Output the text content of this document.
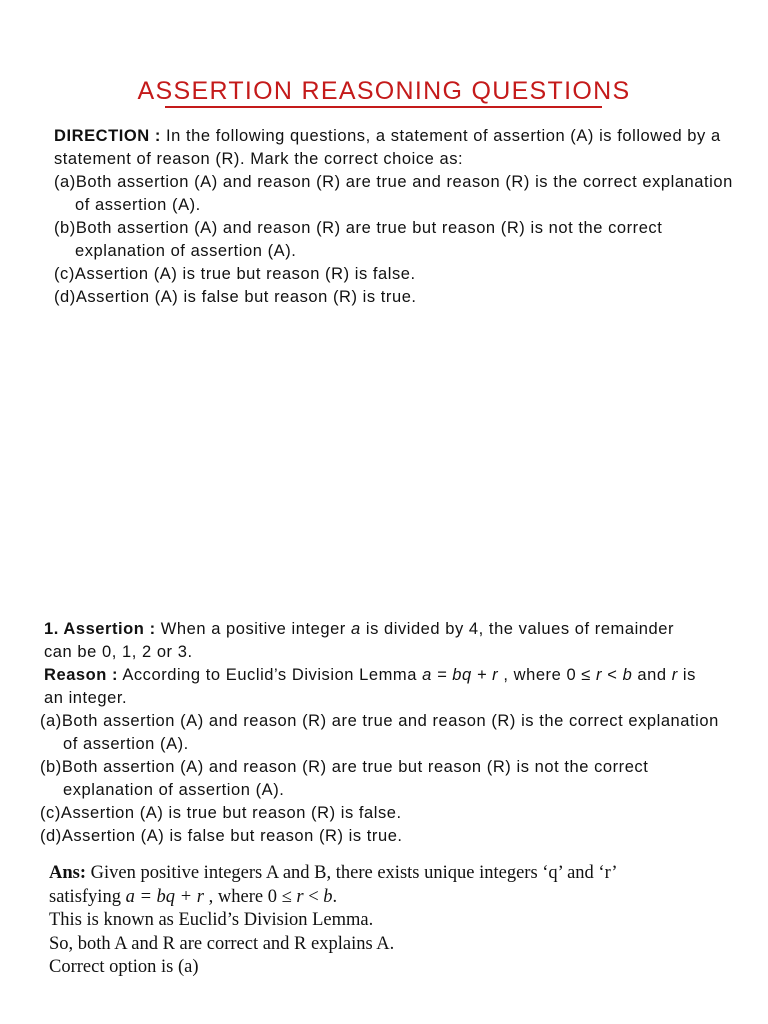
ASSERTION REASONING QUESTIONS
DIRECTION : In the following questions, a statement of assertion (A) is followed by a
statement of reason (R). Mark the correct choice as:
(a)Both assertion (A) and reason (R) are true and reason (R) is the correct explanation
of assertion (A).
(b)Both assertion (A) and reason (R) are true but reason (R) is not the correct
explanation of assertion (A).
(c)Assertion (A) is true but reason (R) is false.
(d)Assertion (A) is false but reason (R) is true.
1. Assertion : When a positive integer a is divided by 4, the values of remainder
can be 0, 1, 2 or 3.
Reason : According to Euclid’s Division Lemma a = bq + r , where 0 ≤ r < b and r is
an integer.
(a)Both assertion (A) and reason (R) are true and reason (R) is the correct explanation
of assertion (A).
(b)Both assertion (A) and reason (R) are true but reason (R) is not the correct
explanation of assertion (A).
(c)Assertion (A) is true but reason (R) is false.
(d)Assertion (A) is false but reason (R) is true.
Ans: Given positive integers A and B, there exists unique integers ‘q’ and ‘r’
satisfying a = bq + r , where 0 ≤ r < b.
This is known as Euclid’s Division Lemma.
So, both A and R are correct and R explains A.
Correct option is (a)
